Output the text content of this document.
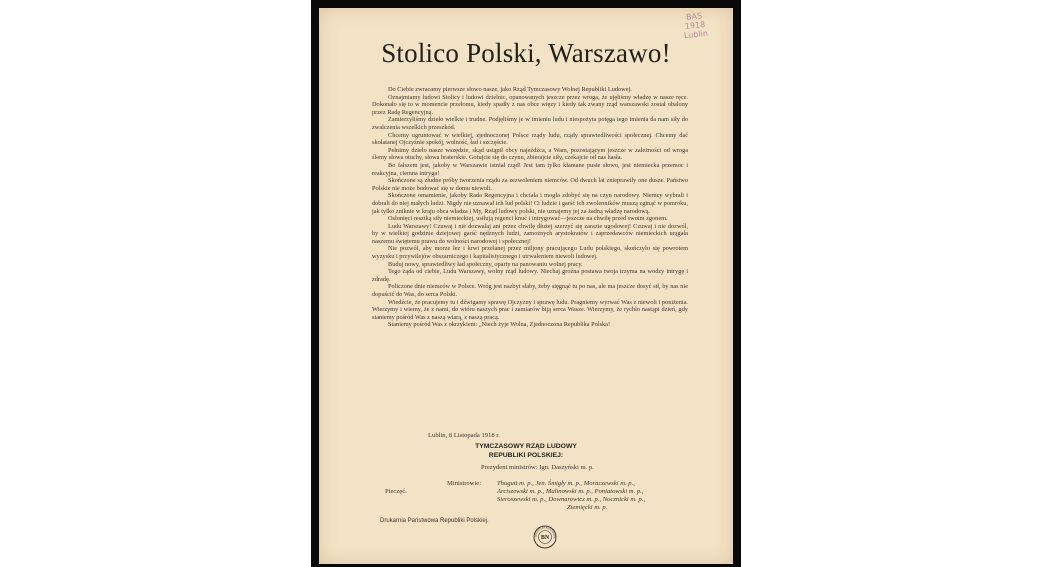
BAS
1918
Lublin
Stolico Polski, Warszawo!

Do Ciebie zwracamy pierwsze słowo nasze, jako Rząd Tymczasowy Wolnej Republiki Ludowej.

Oznajmiamy ludowi Stolicy i ludowi dzielnic, opanowanych jeszcze przez wroga, że ujęliśmy władzę w nasze ręce. Dokonało się to w momencie przełomu, kiedy spadły z nas obce więzy i kiedy tak zwany rząd warszawski został obalony przez Radę Regencyjną.

Zamierzyliśmy dzieło wielkie i trudne. Podjęliśmy je w imieniu ludu i niespożyta potęga tego imienia da nam siły do zwalczenia wszelkich przeszkód.

Chcemy ugruntować w wielkiej, zjednoczonej Polsce rządy ludu, rządy sprawiedliwości społecznej. Chcemy dać skołatanej Ojczyźnie spokój, wolność, ład i szczęście.

Pełnimy dzieło nasze wszędzie, skąd ustąpił obcy najeźdźca, a Wam, pozostającym jeszcze w zależności od wroga ślemy słowa otuchy, słowa braterskie. Gotujcie się do czynu, zbierajcie siły, czekajcie od nas hasła.

Bo fałszem jest, jakoby w Warszawie istniał rząd! Jest tam tylko kłamane puste słowo, jest niemiecka przemoc i reakcyjna, ciemna intryga!

Skończone są złudne próby tworzenia rządu za zezwoleniem niemców. Od dwuch lat znieprawiły one dusze. Państwo Polskie nie może budować się w domu niewoli.

Skończone omamienie, jakoby Rada Regencyjna i chciała i mogła zdobyć się na czyn narodowy. Niemcy wybrali i dobrali do niej małych ludzi. Nigdy nie uznawał ich lud polski! Ci ludzie i garść ich zwolenników muszą zginąć w pomroku, jak tylko zniknie w kraju obca władza i My, Rząd ludowy polski, nie uznajemy jej za żadną władzę narodową.

Osłonięci resztką siły niemieckiej, usiłują regenci knuć i intrygować—jeszcze na chwilę przed swoim zgonem.

Ludu Warszawy! Czuwaj i nie dozwalaj ani przez chwilę dłużej szerzyć się zarazie ugodowej! Czuwaj i nie dozwól, by w wielkiej godzinie dziejowej garść nędznych ludzi, zamożnych arystokratów i zaprzedawców niemieckich urągała naszemu świętemu prawu do wolności narodowej i społecznej!

Nie pozwól, aby morze łez i krwi przelanej przez miljony pracującego Ludu polskiego, skończyło się powrotem wyzysku i przywilejów obszarniczego i kapitalistycznego i utrwaleniem niewoli ludowej.

Buduj nowy, sprawiedliwy ład społeczny, oparty na panowaniu wolnej pracy.

Tego żąda od ciebie, Ludu Warszawy, wolny rząd ludowy. Niechaj groźna postawa twoja trzyma na wodzy intrygę i zdradę.

Policzone dnie niemców w Polsce. Wróg jest nazbyt słaby, żeby sięgnąć tu po nas, ale ma jeszcze dosyć sił, by nas nie dopuścić do Was, do serca Polski.

Wiedźcie, że pracujemy tu i dźwigamy sprawę Ojczyzny i sprawę ludu. Pragniemy wyrwać Was z niewoli i poniżenia. Wierzymy i wiemy, że z nami, do wtóru naszych prac i zamiarów biją serca Wasze. Wierzymy, że rychło nastąpi dzień, gdy staniemy pośród Was z naszą wiarą, z naszą pracą.

Staniemy pośród Was z okrzykiem: „Niech żyje Wolna, Zjednoczona Republika Polska!

Lublin, 8 Listopada 1918 r.
TYMCZASOWY RZĄD LUDOWY
REPUBLIKI POLSKIEJ:
Prezydent ministrów: Ign. Daszyński m. p.
Ministrowie:
Pieczęć.
Thugutt m. p., Jen. Śmigły m. p., Moraczewski m. p.,
Arciszewski m. p., Malinowski m. p., Poniatowski m. p.,
Sieroszewski m. p., Downarowicz m. p., Nocznicki m. p.,
Ziemięcki m. p.
Drukarnia Państwowa Republiki Polskiej.
BIBLIOTEKA NARODOWA
BN
